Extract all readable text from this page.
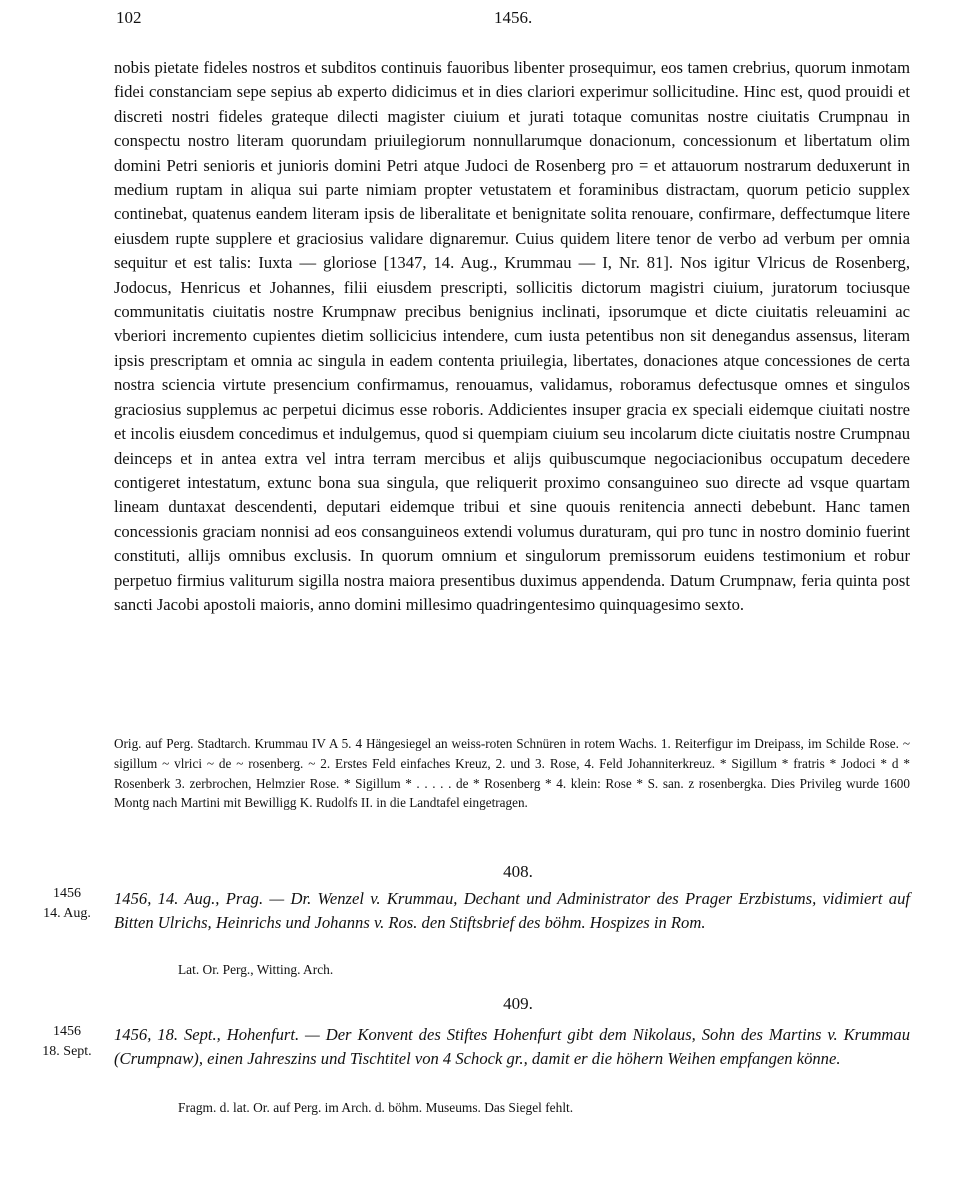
102	1456.

nobis pietate fideles nostros et subditos continuis fauoribus libenter prosequimur, eos tamen crebrius, quorum inmotam fidei constanciam sepe sepius ab experto didicimus et in dies clariori experimur sollicitudine. Hinc est, quod prouidi et discreti nostri fideles grateque dilecti magister ciuium et jurati totaque comunitas nostre ciuitatis Crumpnau in conspectu nostro literam quorundam priuilegiorum nonnullarumque donacionum, concessionum et libertatum olim domini Petri senioris et junioris domini Petri atque Judoci de Rosenberg pro = et attauorum nostrarum deduxerunt in medium ruptam in aliqua sui parte nimiam propter vetustatem et foraminibus distractam, quorum peticio supplex continebat, quatenus eandem literam ipsis de liberalitate et benignitate solita renouare, confirmare, deffectumque litere eiusdem rupte supplere et graciosius validare dignaremur. Cuius quidem litere tenor de verbo ad verbum per omnia sequitur et est talis: Iuxta — gloriose [1347, 14. Aug., Krummau — I, Nr. 81]. Nos igitur Vlricus de Rosenberg, Jodocus, Henricus et Johannes, filii eiusdem prescripti, sollicitis dictorum magistri ciuium, juratorum tociusque communitatis ciuitatis nostre Krumpnaw precibus benignius inclinati, ipsorumque et dicte ciuitatis releuamini ac vberiori incremento cupientes dietim sollicicius intendere, cum iusta petentibus non sit denegandus assensus, literam ipsis prescriptam et omnia ac singula in eadem contenta priuilegia, libertates, donaciones atque concessiones de certa nostra sciencia virtute presencium confirmamus, renouamus, validamus, roboramus defectusque omnes et singulos graciosius supplemus ac perpetui dicimus esse roboris. Addicientes insuper gracia ex speciali eidemque ciuitati nostre et incolis eiusdem concedimus et indulgemus, quod si quempiam ciuium seu incolarum dicte ciuitatis nostre Crumpnau deinceps et in antea extra vel intra terram mercibus et alijs quibuscumque negociacionibus occupatum decedere contigeret intestatum, extunc bona sua singula, que reliquerit proximo consanguineo suo directe ad vsque quartam lineam duntaxat descendenti, deputari eidemque tribui et sine quouis renitencia annecti debebunt. Hanc tamen concessionis graciam nonnisi ad eos consanguineos extendi volumus duraturam, qui pro tunc in nostro dominio fuerint constituti, allijs omnibus exclusis. In quorum omnium et singulorum premissorum euidens testimonium et robur perpetuo firmius valiturum sigilla nostra maiora presentibus duximus appendenda. Datum Crumpnaw, feria quinta post sancti Jacobi apostoli maioris, anno domini millesimo quadringentesimo quinquagesimo sexto.

Orig. auf Perg. Stadtarch. Krummau IV A 5. 4 Hängesiegel an weiss-roten Schnüren in rotem Wachs. 1. Reiterfigur im Dreipass, im Schilde Rose. ~ sigillum ~ vlrici ~ de ~ rosenberg. ~ 2. Erstes Feld einfaches Kreuz, 2. und 3. Rose, 4. Feld Johanniterkreuz. * Sigillum * fratris * Jodoci * d * Rosenberk 3. zerbrochen, Helmzier Rose. * Sigillum * . . . . . de * Rosenberg * 4. klein: Rose * S. san. z rosenbergka. Dies Privileg wurde 1600 Montg nach Martini mit Bewilligg K. Rudolfs II. in die Landtafel eingetragen.

408.
1456
14. Aug.

1456, 14. Aug., Prag. — Dr. Wenzel v. Krummau, Dechant und Administrator des Prager Erzbistums, vidimiert auf Bitten Ulrichs, Heinrichs und Johanns v. Ros. den Stiftsbrief des böhm. Hospizes in Rom.

Lat. Or. Perg., Witting. Arch.
409.
1456
18. Sept.

1456, 18. Sept., Hohenfurt. — Der Konvent des Stiftes Hohenfurt gibt dem Nikolaus, Sohn des Martins v. Krummau (Crumpnaw), einen Jahreszins und Tischtitel von 4 Schock gr., damit er die höhern Weihen empfangen könne.

Fragm. d. lat. Or. auf Perg. im Arch. d. böhm. Museums. Das Siegel fehlt.
